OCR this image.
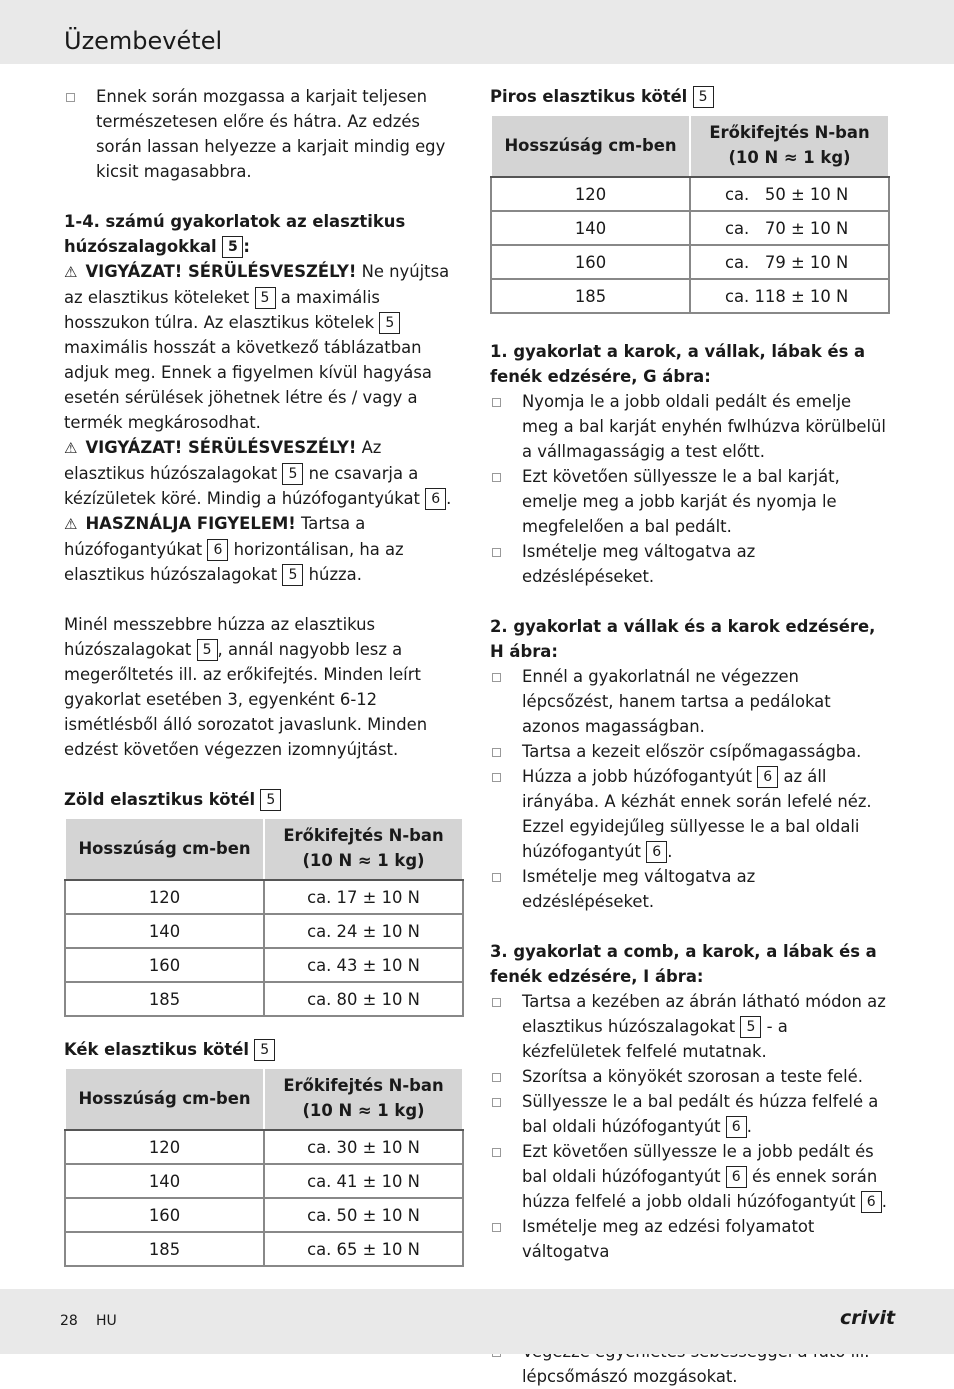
Üzembevétel

Ennek során mozgassa a karjait teljesen természetesen előre és hátra. Az edzés során lassan helyezze a karjait mindig egy kicsit magasabbra.

1-4. számú gyakorlatok az elasztikus húzószalagokkal 5 :

⚠ VIGYÁZAT! SÉRÜLÉSVESZÉLY! Ne nyújtsa az elasztikus köteleket 5 a maximális hosszukon túlra. Az elasztikus kötelek 5 maximális hosszát a következő táblázatban adjuk meg. Ennek a figyelmen kívül hagyása esetén sérülések jöhetnek létre és / vagy a termék megkárosodhat.

⚠ VIGYÁZAT! SÉRÜLÉSVESZÉLY! Az elasztikus húzószalagokat 5 ne csavarja a kézízületek köré. Mindig a húzófogantyúkat 6 .

⚠ HASZNÁLJA FIGYELEM! Tartsa a húzófogantyúkat 6 horizontálisan, ha az elasztikus húzószalagokat 5 húzza.

Minél messzebbre húzza az elasztikus húzószalagokat 5 , annál nagyobb lesz a megerőltetés ill. az erőkifejtés. Minden leírt gyakorlat esetében 3, egyenként 6-12 ismétlésből álló sorozatot javaslunk. Minden edzést követően végezzen izomnyújtást.

Zöld elasztikus kötél 5

Hosszúság cm-ben	Erőkifejtés N-ban
(10 N ≈ 1 kg)
120	ca. 17 ± 10 N
140	ca. 24 ± 10 N
160	ca. 43 ± 10 N
185	ca. 80 ± 10 N

Kék elasztikus kötél 5

Hosszúság cm-ben	Erőkifejtés N-ban
(10 N ≈ 1 kg)
120	ca. 30 ± 10 N
140	ca. 41 ± 10 N
160	ca. 50 ± 10 N
185	ca. 65 ± 10 N

Piros elasztikus kötél 5

Hosszúság cm-ben	Erőkifejtés N-ban
(10 N ≈ 1 kg)
120	ca.   50 ± 10 N
140	ca.   70 ± 10 N
160	ca.   79 ± 10 N
185	ca. 118 ± 10 N

1. gyakorlat a karok, a vállak, lábak és a fenék edzésére, G ábra:

Nyomja le a jobb oldali pedált és emelje meg a bal karját enyhén fwlhúzva körülbelül a vállmagasságig a test előtt.

Ezt követően süllyessze le a bal karját, emelje meg a jobb karját és nyomja le megfelelően a bal pedált.

Ismételje meg váltogatva az edzéslépéseket.

2. gyakorlat a vállak és a karok edzésére, H ábra:

Ennél a gyakorlatnál ne végezzen lépcsőzést, hanem tartsa a pedálokat azonos magasságban.

Tartsa a kezeit először csípőmagasságba.

Húzza a jobb húzófogantyút 6 az áll irányába. A kézhát ennek során lefelé néz. Ezzel egyidejűleg süllyesse le a bal oldali húzófogantyút 6 .

Ismételje meg váltogatva az edzéslépéseket.

3. gyakorlat a comb, a karok, a lábak és a fenék edzésére, I ábra:

Tartsa a kezében az ábrán látható módon az elasztikus húzószalagokat 5 - a kézfelületek felfelé mutatnak.

Szorítsa a könyökét szorosan a teste felé.

Süllyessze le a bal pedált és húzza felfelé a bal oldali húzófogantyút 6 .

Ezt követően süllyessze le a jobb pedált és bal oldali húzófogantyút 6 és ennek során húzza felfelé a jobb oldali húzófogantyút 6 .

Ismételje meg az edzési folyamatot váltogatva

lépcsőmászó mozgásokat.

28 HU	crivit
